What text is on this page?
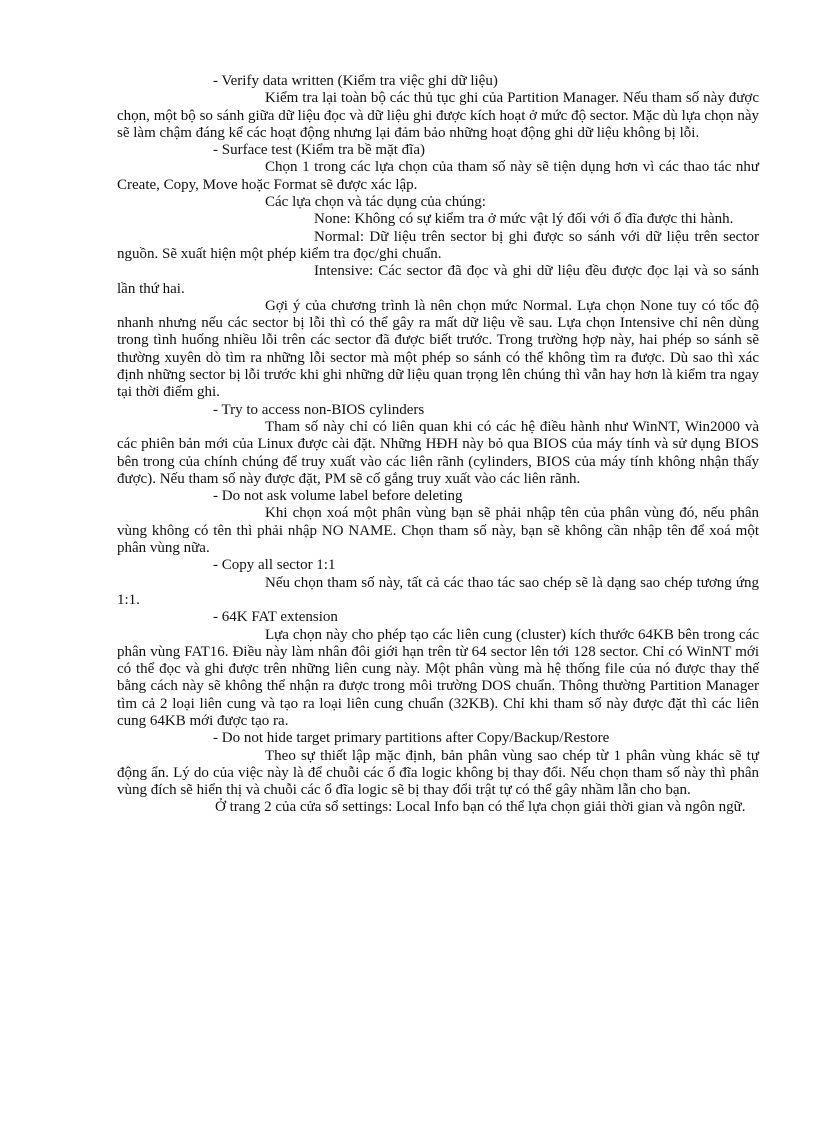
- Verify data written (Kiểm tra việc ghi dữ liệu)

Kiểm tra lại toàn bộ các thủ tục ghi của Partition Manager. Nếu tham số này được chọn, một bộ so sánh giữa dữ liệu đọc và dữ liệu ghi được kích hoạt ở mức độ sector. Mặc dù lựa chọn này sẽ làm chậm đáng kể các hoạt động nhưng lại đảm bảo những hoạt động ghi dữ liệu không bị lỗi.

- Surface test (Kiểm tra bề mặt đĩa)

Chọn 1 trong các lựa chọn của tham số này sẽ tiện dụng hơn vì các thao tác như Create, Copy, Move hoặc Format sẽ được xác lập.

Các lựa chọn và tác dụng của chúng:

None: Không có sự kiểm tra ở mức vật lý đối với ổ đĩa được thi hành.

Normal: Dữ liệu trên sector bị ghi được so sánh với dữ liệu trên sector nguồn. Sẽ xuất hiện một phép kiểm tra đọc/ghi chuẩn.

Intensive: Các sector đã đọc và ghi dữ liệu đều được đọc lại và so sánh lần thứ hai.

Gợi ý của chương trình là nên chọn mức Normal. Lựa chọn None tuy có tốc độ nhanh nhưng nếu các sector bị lỗi thì có thể gây ra mất dữ liệu về sau. Lựa chọn Intensive chỉ nên dùng trong tình huống nhiều lỗi trên các sector đã được biết trước. Trong trường hợp này, hai phép so sánh sẽ thường xuyên dò tìm ra những lỗi sector mà một phép so sánh có thể không tìm ra được. Dù sao thì xác định những sector bị lỗi trước khi ghi những dữ liệu quan trọng lên chúng thì vẫn hay hơn là kiểm tra ngay tại thời điểm ghi.

- Try to access non-BIOS cylinders

Tham số này chỉ có liên quan khi có các hệ điều hành như WinNT, Win2000 và các phiên bản mới của Linux được cài đặt. Những HĐH này bỏ qua BIOS của máy tính và sử dụng BIOS bên trong của chính chúng để truy xuất vào các liên rãnh (cylinders, BIOS của máy tính không nhận thấy được). Nếu tham số này được đặt, PM sẽ cố gắng truy xuất vào các liên rãnh.

- Do not ask volume label before deleting

Khi chọn xoá một phân vùng bạn sẽ phải nhập tên của phân vùng đó, nếu phân vùng không có tên thì phải nhập NO NAME. Chọn tham số này, bạn sẽ không cần nhập tên để xoá một phân vùng nữa.

- Copy all sector 1:1

Nếu chọn tham số này, tất cả các thao tác sao chép sẽ là dạng sao chép tương ứng 1:1.

- 64K FAT extension

Lựa chọn này cho phép tạo các liên cung (cluster) kích thước 64KB bên trong các phân vùng FAT16. Điều này làm nhân đôi giới hạn trên từ 64 sector lên tới 128 sector. Chỉ có WinNT mới có thể đọc và ghi được trên những liên cung này. Một phân vùng mà hệ thống file của nó được thay thế bằng cách này sẽ không thể nhận ra được trong môi trường DOS chuẩn. Thông thường Partition Manager tìm cả 2 loại liên cung và tạo ra loại liên cung chuẩn (32KB). Chỉ khi tham số này được đặt thì các liên cung 64KB mới được tạo ra.

- Do not hide target primary partitions after Copy/Backup/Restore

Theo sự thiết lập mặc định, bản phân vùng sao chép từ 1 phân vùng khác sẽ tự động ẩn. Lý do của việc này là để chuỗi các ổ đĩa logic không bị thay đổi. Nếu chọn tham số này thì phân vùng đích sẽ hiển thị và chuỗi các ổ đĩa logic sẽ bị thay đổi trật tự có thể gây nhầm lẫn cho bạn.

Ở trang 2 của cửa sổ settings: Local Info bạn có thể lựa chọn giải thời gian và ngôn ngữ.
